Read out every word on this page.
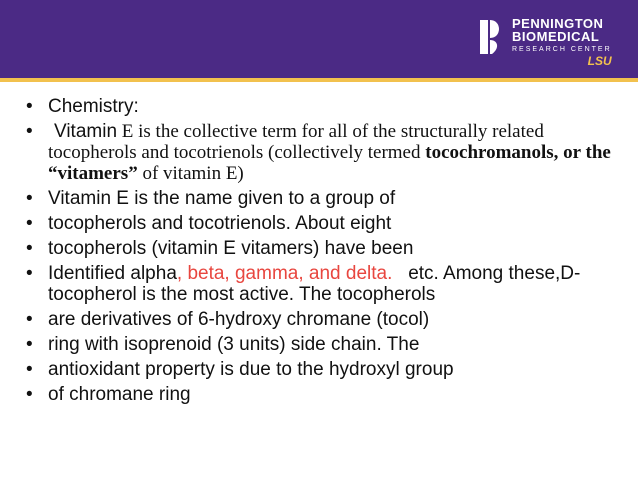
PENNINGTON
BIOMEDICAL
RESEARCH CENTER
LSU
• Chemistry:
• Vitamin E is the collective term for all of the structurally related tocopherols and tocotrienols (collectively termed tocochromanols, or the “vitamers” of vitamin E)
• Vitamin E is the name given to a group of
• tocopherols and tocotrienols. About eight
• tocopherols (vitamin E vitamers) have been
• Identified alpha, beta, gamma, and delta.   etc. Among these,D-tocopherol is the most active. The tocopherols
• are derivatives of 6-hydroxy chromane (tocol)
• ring with isoprenoid (3 units) side chain. The
• antioxidant property is due to the hydroxyl group
• of chromane ring
